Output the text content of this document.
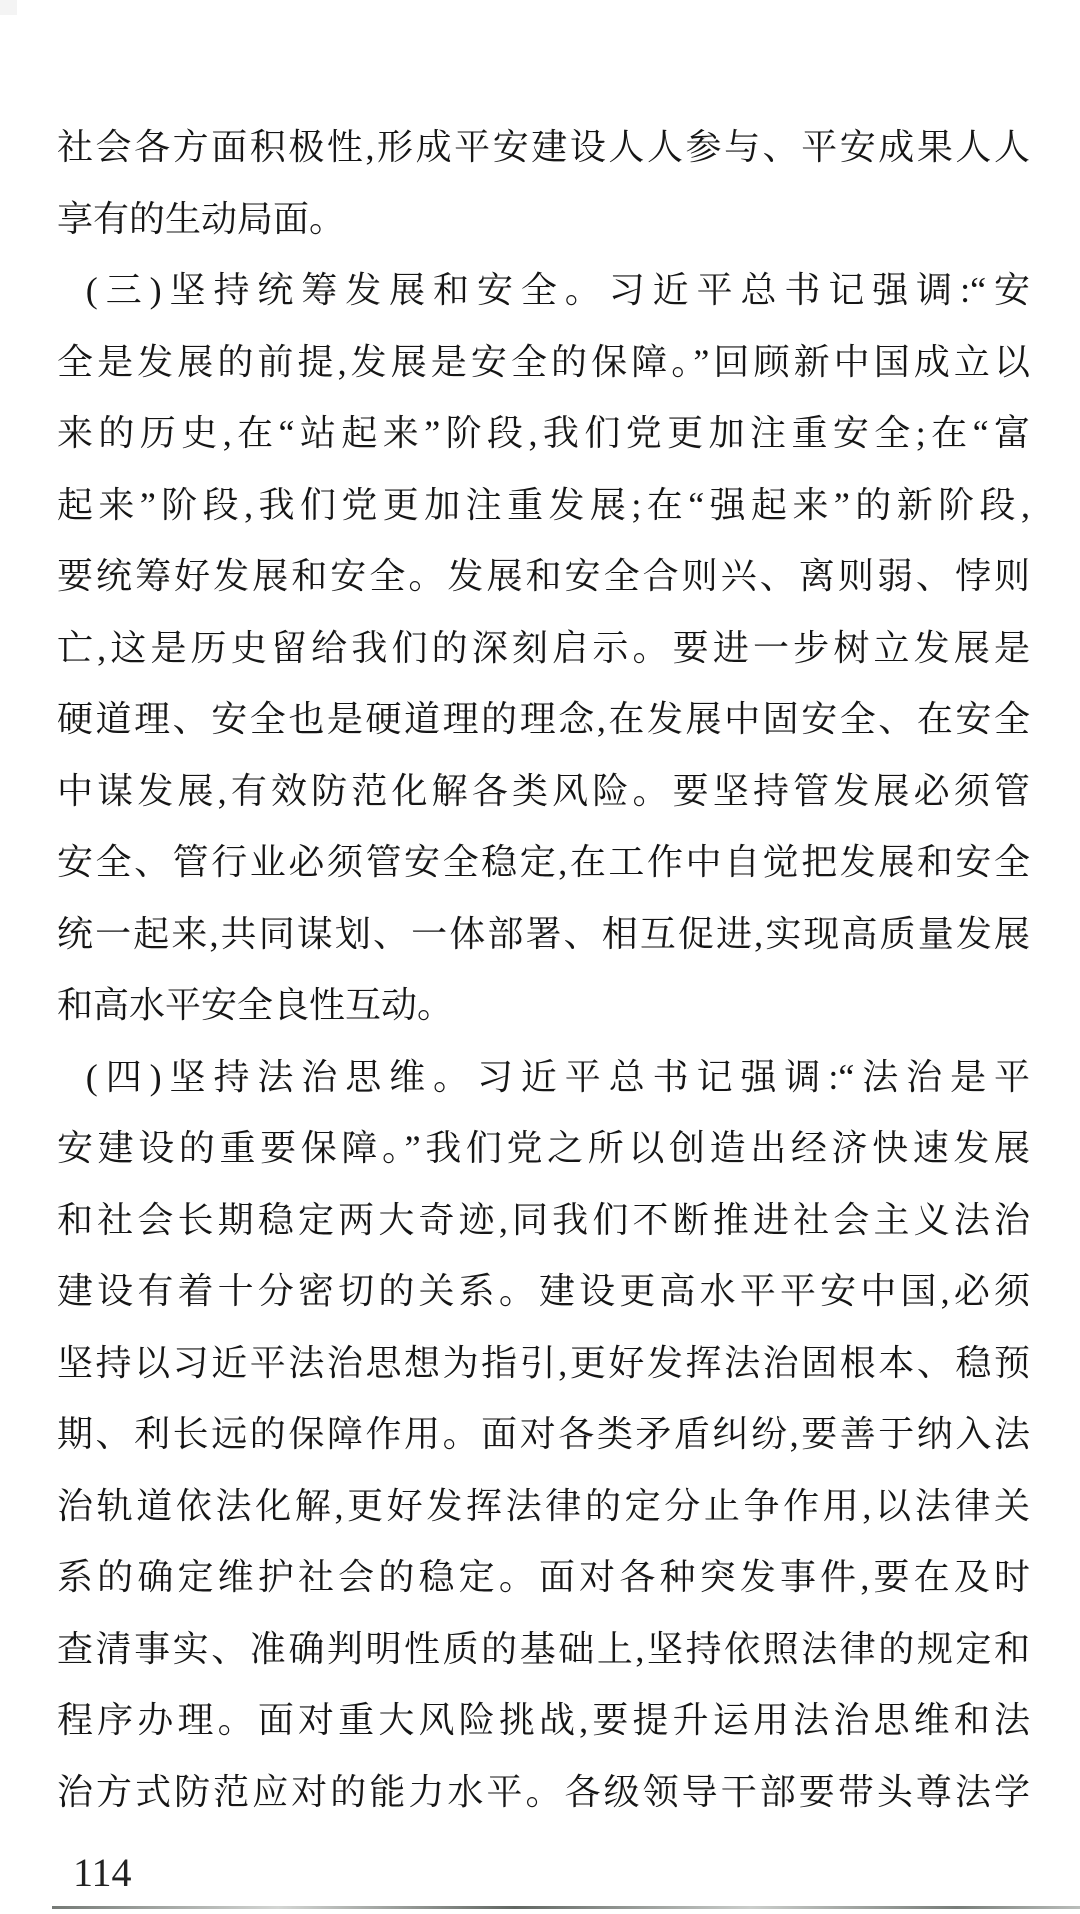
社会各方面积极性,形成平安建设人人参与、平安成果人人
享有的生动局面。
(三)坚持统筹发展和安全。习近平总书记强调:“安
全是发展的前提,发展是安全的保障。”回顾新中国成立以
来的历史,在“站起来”阶段,我们党更加注重安全;在“富
起来”阶段,我们党更加注重发展;在“强起来”的新阶段,
要统筹好发展和安全。发展和安全合则兴、离则弱、悖则
亡,这是历史留给我们的深刻启示。要进一步树立发展是
硬道理、安全也是硬道理的理念,在发展中固安全、在安全
中谋发展,有效防范化解各类风险。要坚持管发展必须管
安全、管行业必须管安全稳定,在工作中自觉把发展和安全
统一起来,共同谋划、一体部署、相互促进,实现高质量发展
和高水平安全良性互动。
(四)坚持法治思维。习近平总书记强调:“法治是平
安建设的重要保障。”我们党之所以创造出经济快速发展
和社会长期稳定两大奇迹,同我们不断推进社会主义法治
建设有着十分密切的关系。建设更高水平平安中国,必须
坚持以习近平法治思想为指引,更好发挥法治固根本、稳预
期、利长远的保障作用。面对各类矛盾纠纷,要善于纳入法
治轨道依法化解,更好发挥法律的定分止争作用,以法律关
系的确定维护社会的稳定。面对各种突发事件,要在及时
查清事实、准确判明性质的基础上,坚持依照法律的规定和
程序办理。面对重大风险挑战,要提升运用法治思维和法
治方式防范应对的能力水平。各级领导干部要带头尊法学
114
